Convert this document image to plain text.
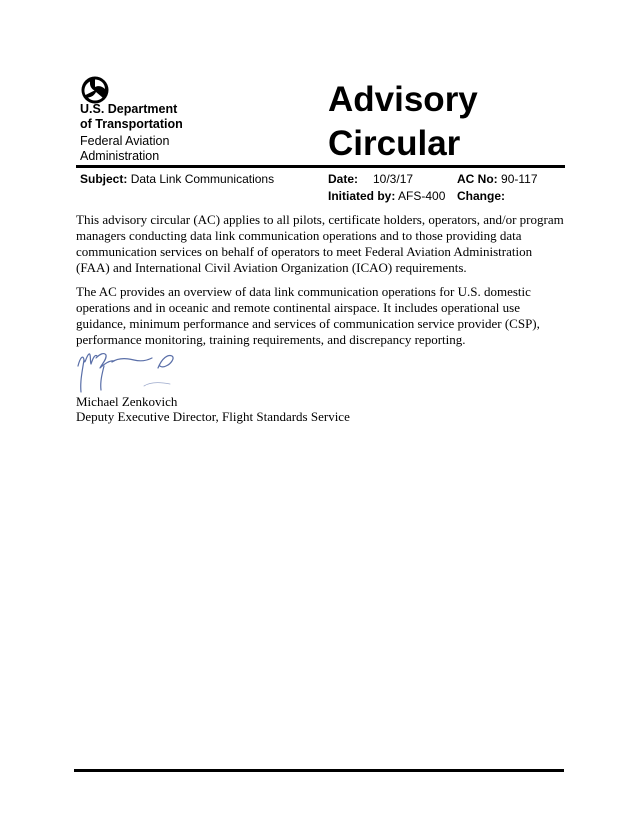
U.S. Department
of Transportation
Federal Aviation
Administration
Advisory
Circular
Subject: Data Link Communications	Date: 10/3/17	AC No: 90-117
Initiated by: AFS-400 Change:

This advisory circular (AC) applies to all pilots, certificate holders, operators, and/or program managers conducting data link communication operations and to those providing data communication services on behalf of operators to meet Federal Aviation Administration (FAA) and International Civil Aviation Organization (ICAO) requirements.

The AC provides an overview of data link communication operations for U.S. domestic operations and in oceanic and remote continental airspace. It includes operational use guidance, minimum performance and services of communication service provider (CSP), performance monitoring, training requirements, and discrepancy reporting.

Michael Zenkovich
Deputy Executive Director, Flight Standards Service
